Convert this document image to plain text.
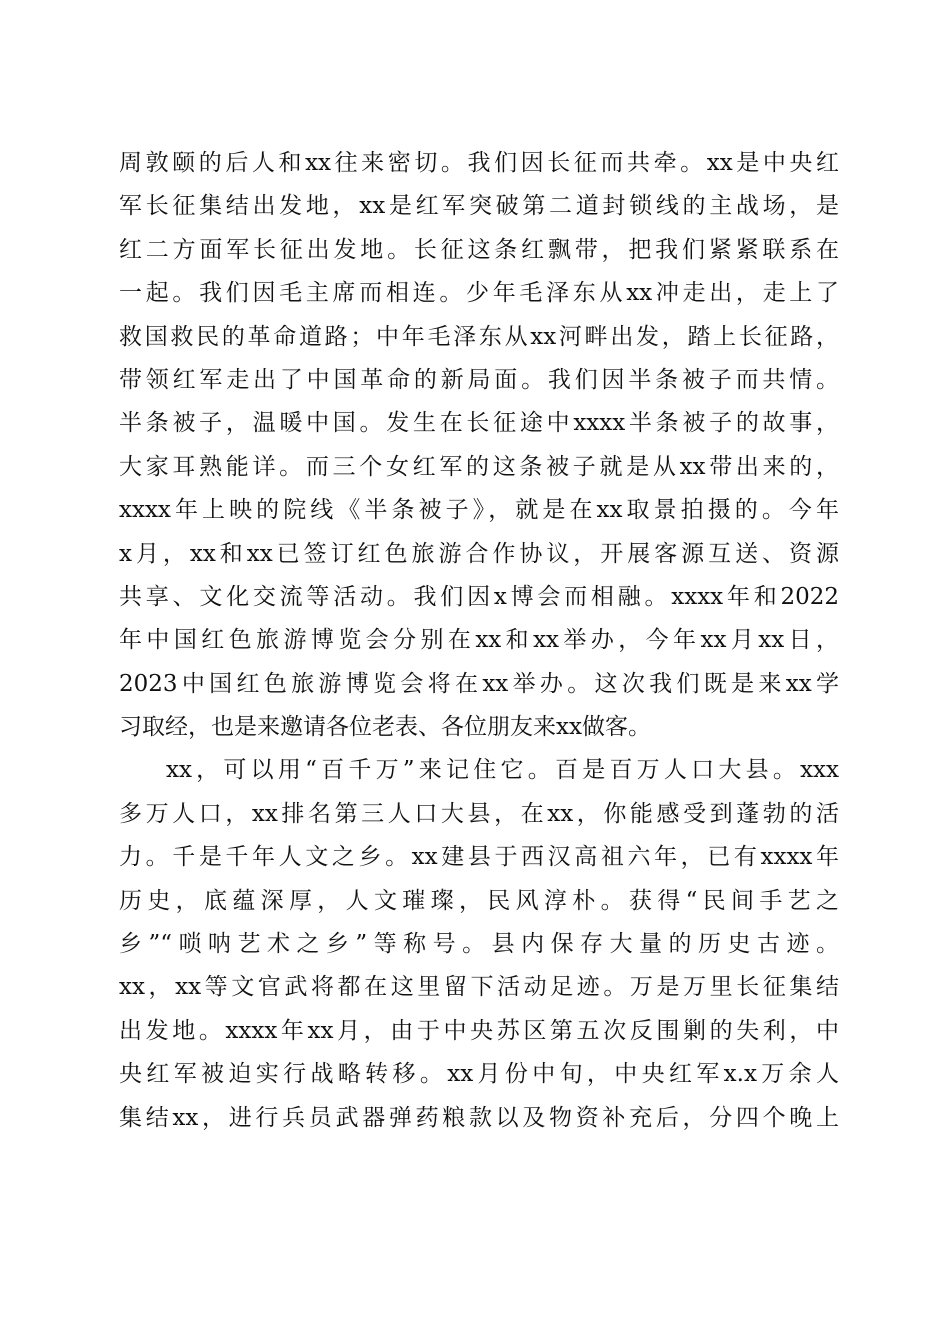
周敦颐的后人和xx往来密切。我们因长征而共牵。xx是中央红
军长征集结出发地，xx是红军突破第二道封锁线的主战场，是
红二方面军长征出发地。长征这条红飘带，把我们紧紧联系在
一起。我们因毛主席而相连。少年毛泽东从xx冲走出，走上了
救国救民的革命道路；中年毛泽东从xx河畔出发，踏上长征路，
带领红军走出了中国革命的新局面。我们因半条被子而共情。
半条被子，温暖中国。发生在长征途中xxxx半条被子的故事，
大家耳熟能详。而三个女红军的这条被子就是从xx带出来的，
xxxx年上映的院线《半条被子》，就是在xx取景拍摄的。今年
x月，xx和xx已签订红色旅游合作协议，开展客源互送、资源
共享、文化交流等活动。我们因x博会而相融。xxxx年和2022
年中国红色旅游博览会分别在xx和xx举办，今年xx月xx日，
2023中国红色旅游博览会将在xx举办。这次我们既是来xx学
习取经，也是来邀请各位老表、各位朋友来xx做客。
xx，可以用“百千万”来记住它。百是百万人口大县。xxx
多万人口，xx排名第三人口大县，在xx，你能感受到蓬勃的活
力。千是千年人文之乡。xx建县于西汉高祖六年，已有xxxx年
历史，底蕴深厚，人文璀璨，民风淳朴。获得“民间手艺之
乡”“唢呐艺术之乡”等称号。县内保存大量的历史古迹。
xx，xx等文官武将都在这里留下活动足迹。万是万里长征集结
出发地。xxxx年xx月，由于中央苏区第五次反围剿的失利，中
央红军被迫实行战略转移。xx月份中旬，中央红军x.x万余人
集结xx，进行兵员武器弹药粮款以及物资补充后，分四个晚上
